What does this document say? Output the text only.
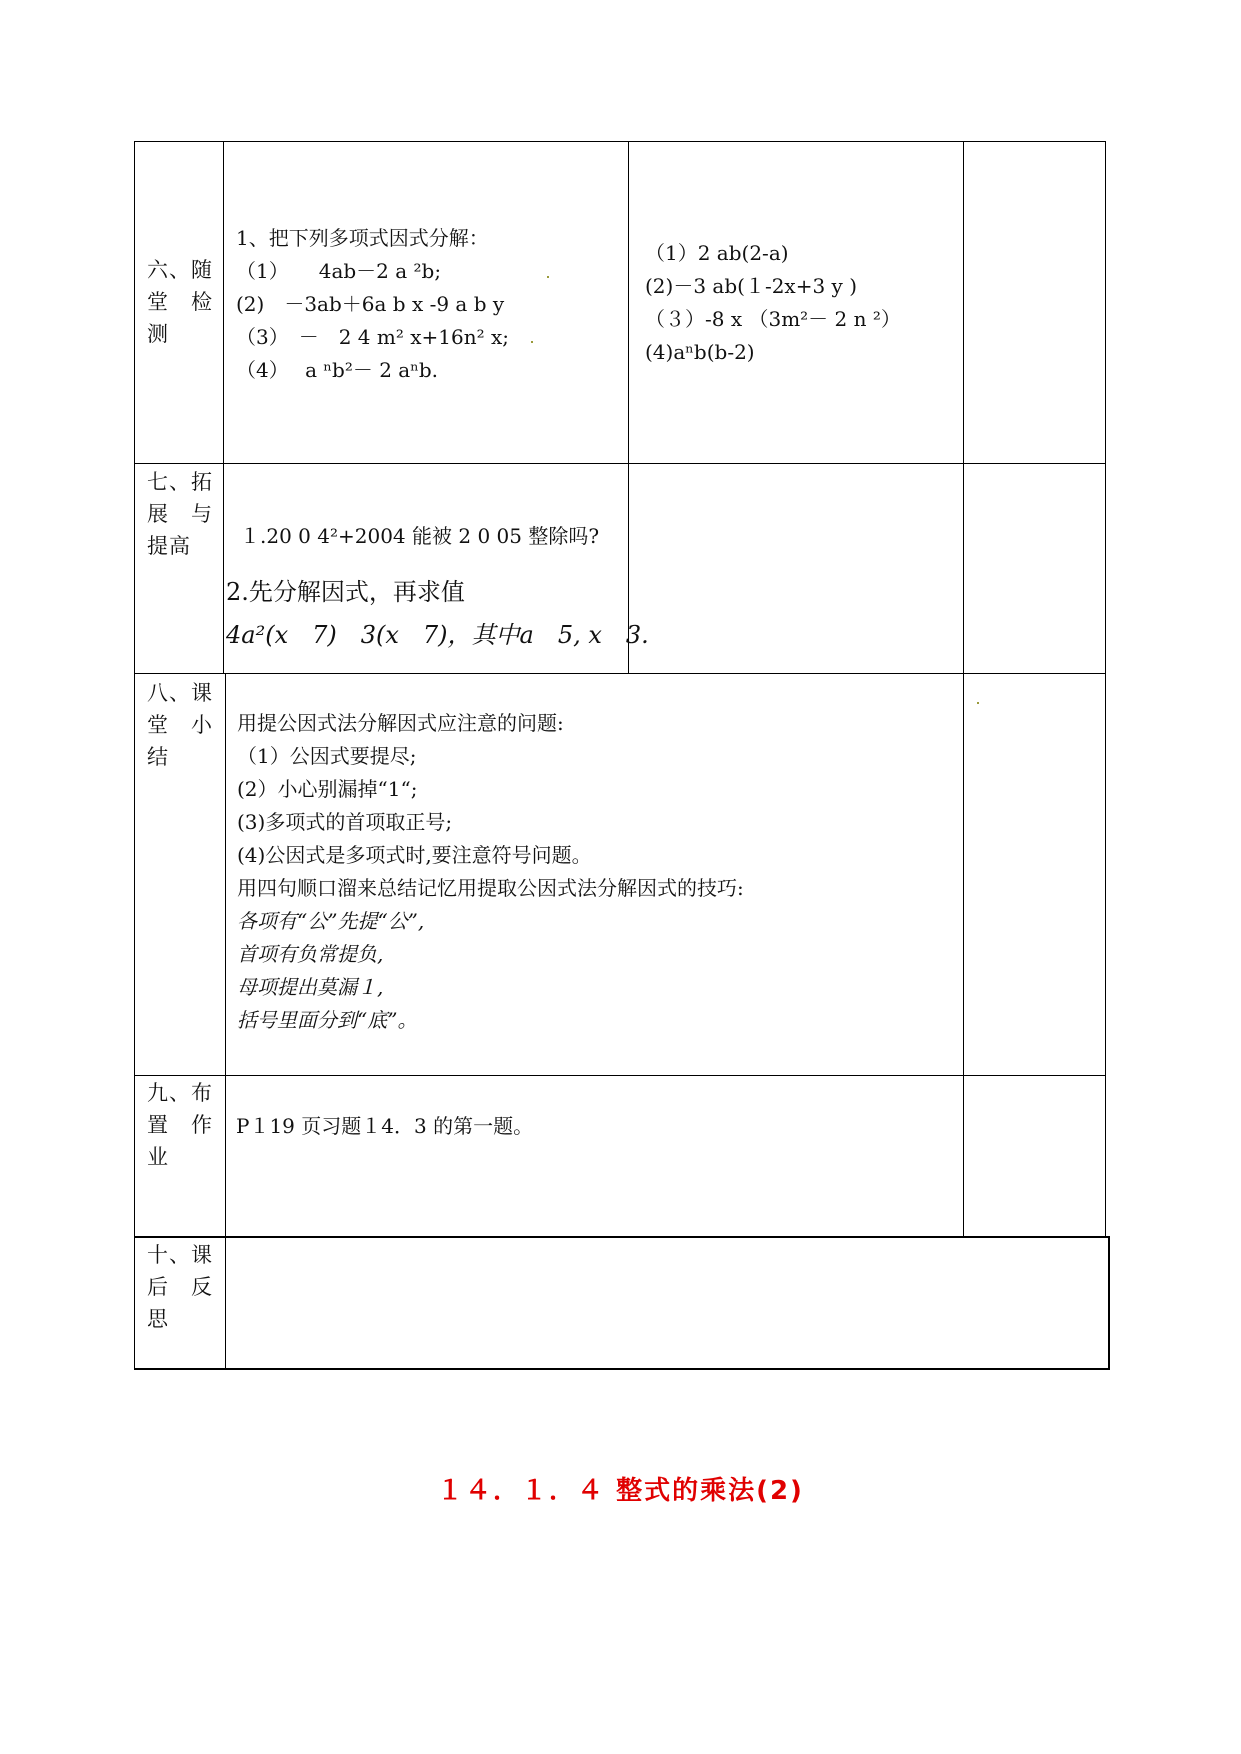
六、随
堂　检
测
1、把下列多项式因式分解：
（1）　　4ab－2 a ²b;
(2)　－3ab＋6a b x -9 a b y
（3）　－　2 4 m² x+16n² x;
（4）　 a ⁿb²－ 2 aⁿb.
（1）2 ab(2-a)
(2)－3 ab(１-2x+3 y )
（３）-8 x （3m²－ 2 n ²）
(4)aⁿb(b-2)
七、拓
展　与
提高	１.20 0 4²+2004 能被 2 0 05 整除吗?
2.先分解因式，再求值
4a²(x　7)　3(x　7)，其中a　5, x　3.
八、课
堂　小
结
用提公因式法分解因式应注意的问题:
（1）公因式要提尽;
(2）小心别漏掉“1“;
(3)多项式的首项取正号;
(4)公因式是多项式时,要注意符号问题。
用四句顺口溜来总结记忆用提取公因式法分解因式的技巧:
各项有“公”先提“公”,
首项有负常提负,
母项提出莫漏１,
括号里面分到“底”。
九、布
置　作
业
P１19 页习题１4．3 的第一题。
十、课
后　反
思
１４．１．４ 整式的乘法(2)
